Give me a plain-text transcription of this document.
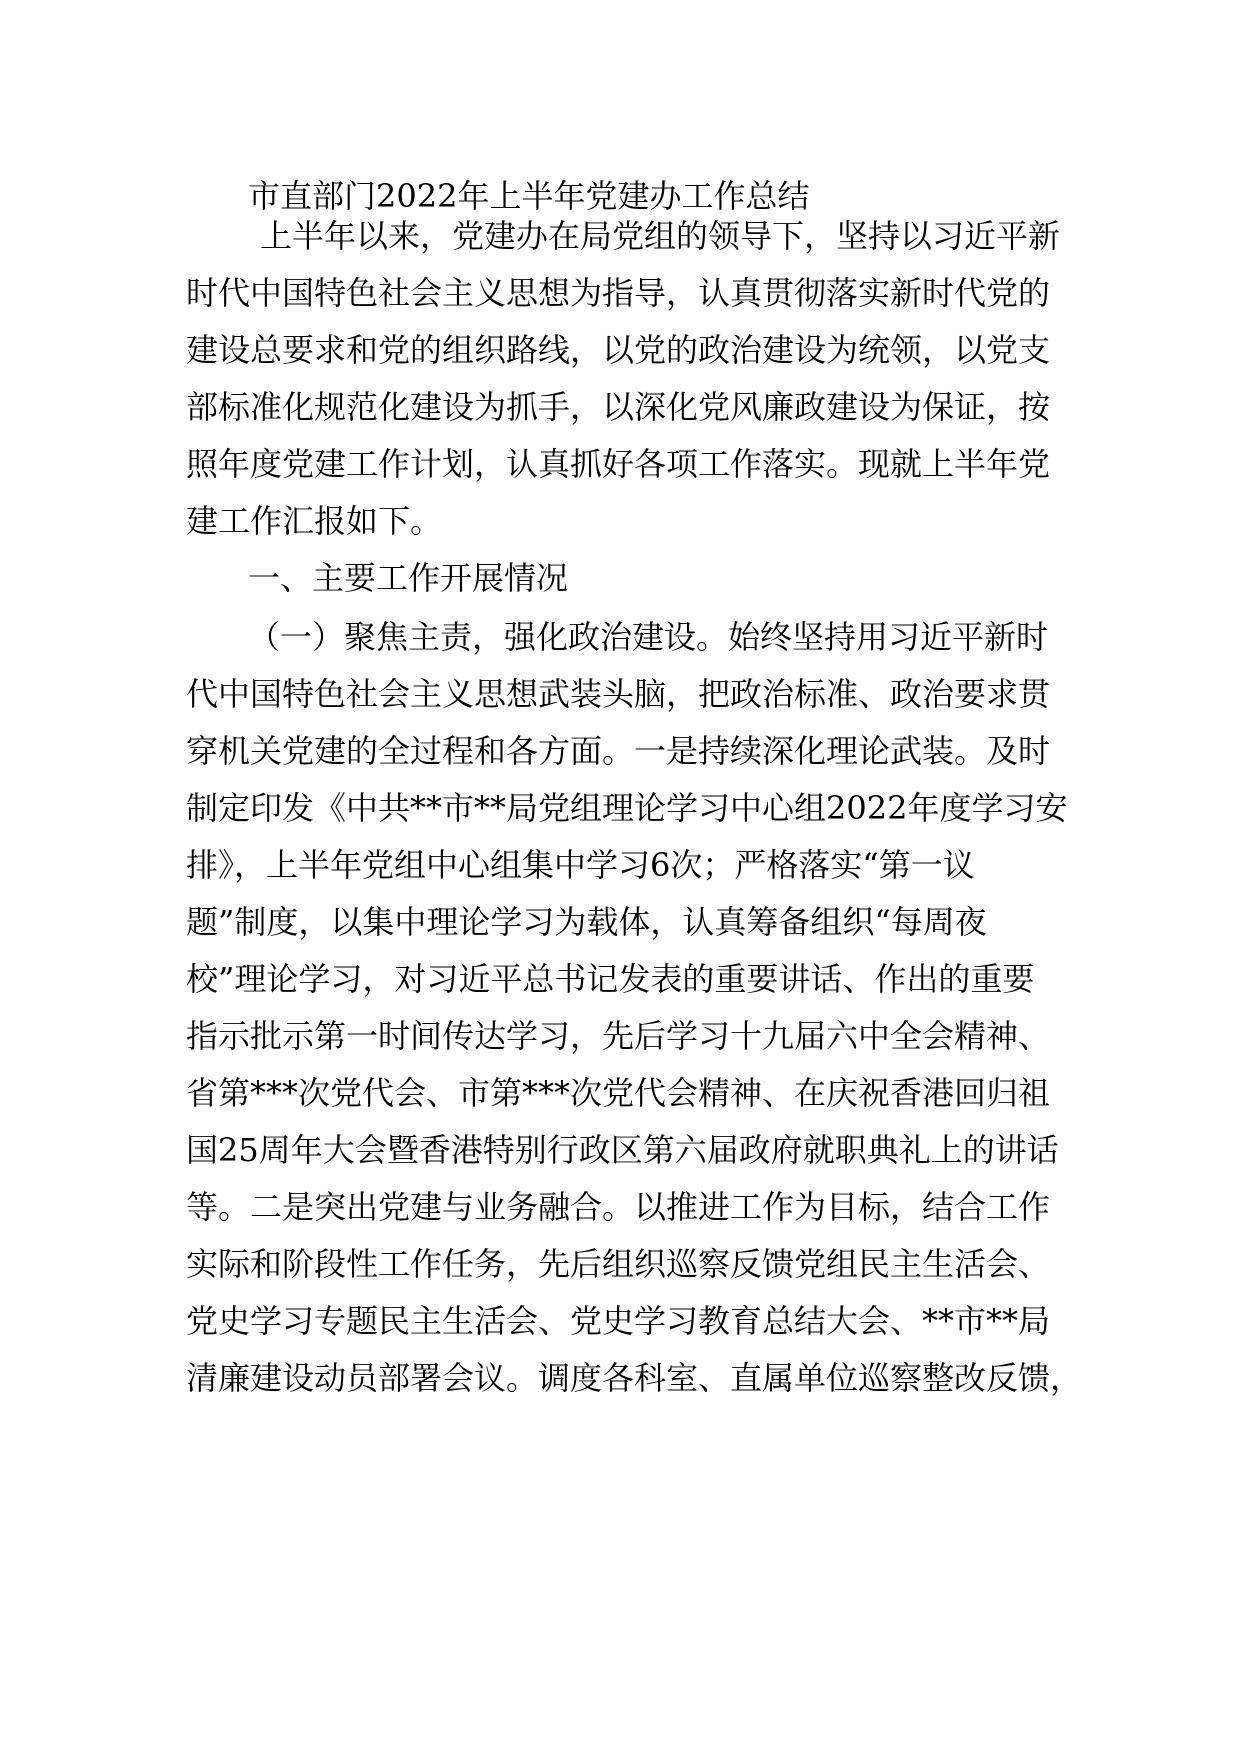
市直部门2022年上半年党建办工作总结
上半年以来，党建办在局党组的领导下，坚持以习近平新
时代中国特色社会主义思想为指导，认真贯彻落实新时代党的
建设总要求和党的组织路线，以党的政治建设为统领，以党支
部标准化规范化建设为抓手，以深化党风廉政建设为保证，按
照年度党建工作计划，认真抓好各项工作落实。现就上半年党
建工作汇报如下。
一、主要工作开展情况
（一）聚焦主责，强化政治建设。始终坚持用习近平新时
代中国特色社会主义思想武装头脑，把政治标准、政治要求贯
穿机关党建的全过程和各方面。一是持续深化理论武装。及时
制定印发《中共**市**局党组理论学习中心组2022年度学习安
排》，上半年党组中心组集中学习6次；严格落实“第一议
题”制度，以集中理论学习为载体，认真筹备组织“每周夜
校”理论学习，对习近平总书记发表的重要讲话、作出的重要
指示批示第一时间传达学习，先后学习十九届六中全会精神、
省第***次党代会、市第***次党代会精神、在庆祝香港回归祖
国25周年大会暨香港特别行政区第六届政府就职典礼上的讲话
等。二是突出党建与业务融合。以推进工作为目标，结合工作
实际和阶段性工作任务，先后组织巡察反馈党组民主生活会、
党史学习专题民主生活会、党史学习教育总结大会、**市**局
清廉建设动员部署会议。调度各科室、直属单位巡察整改反馈，
